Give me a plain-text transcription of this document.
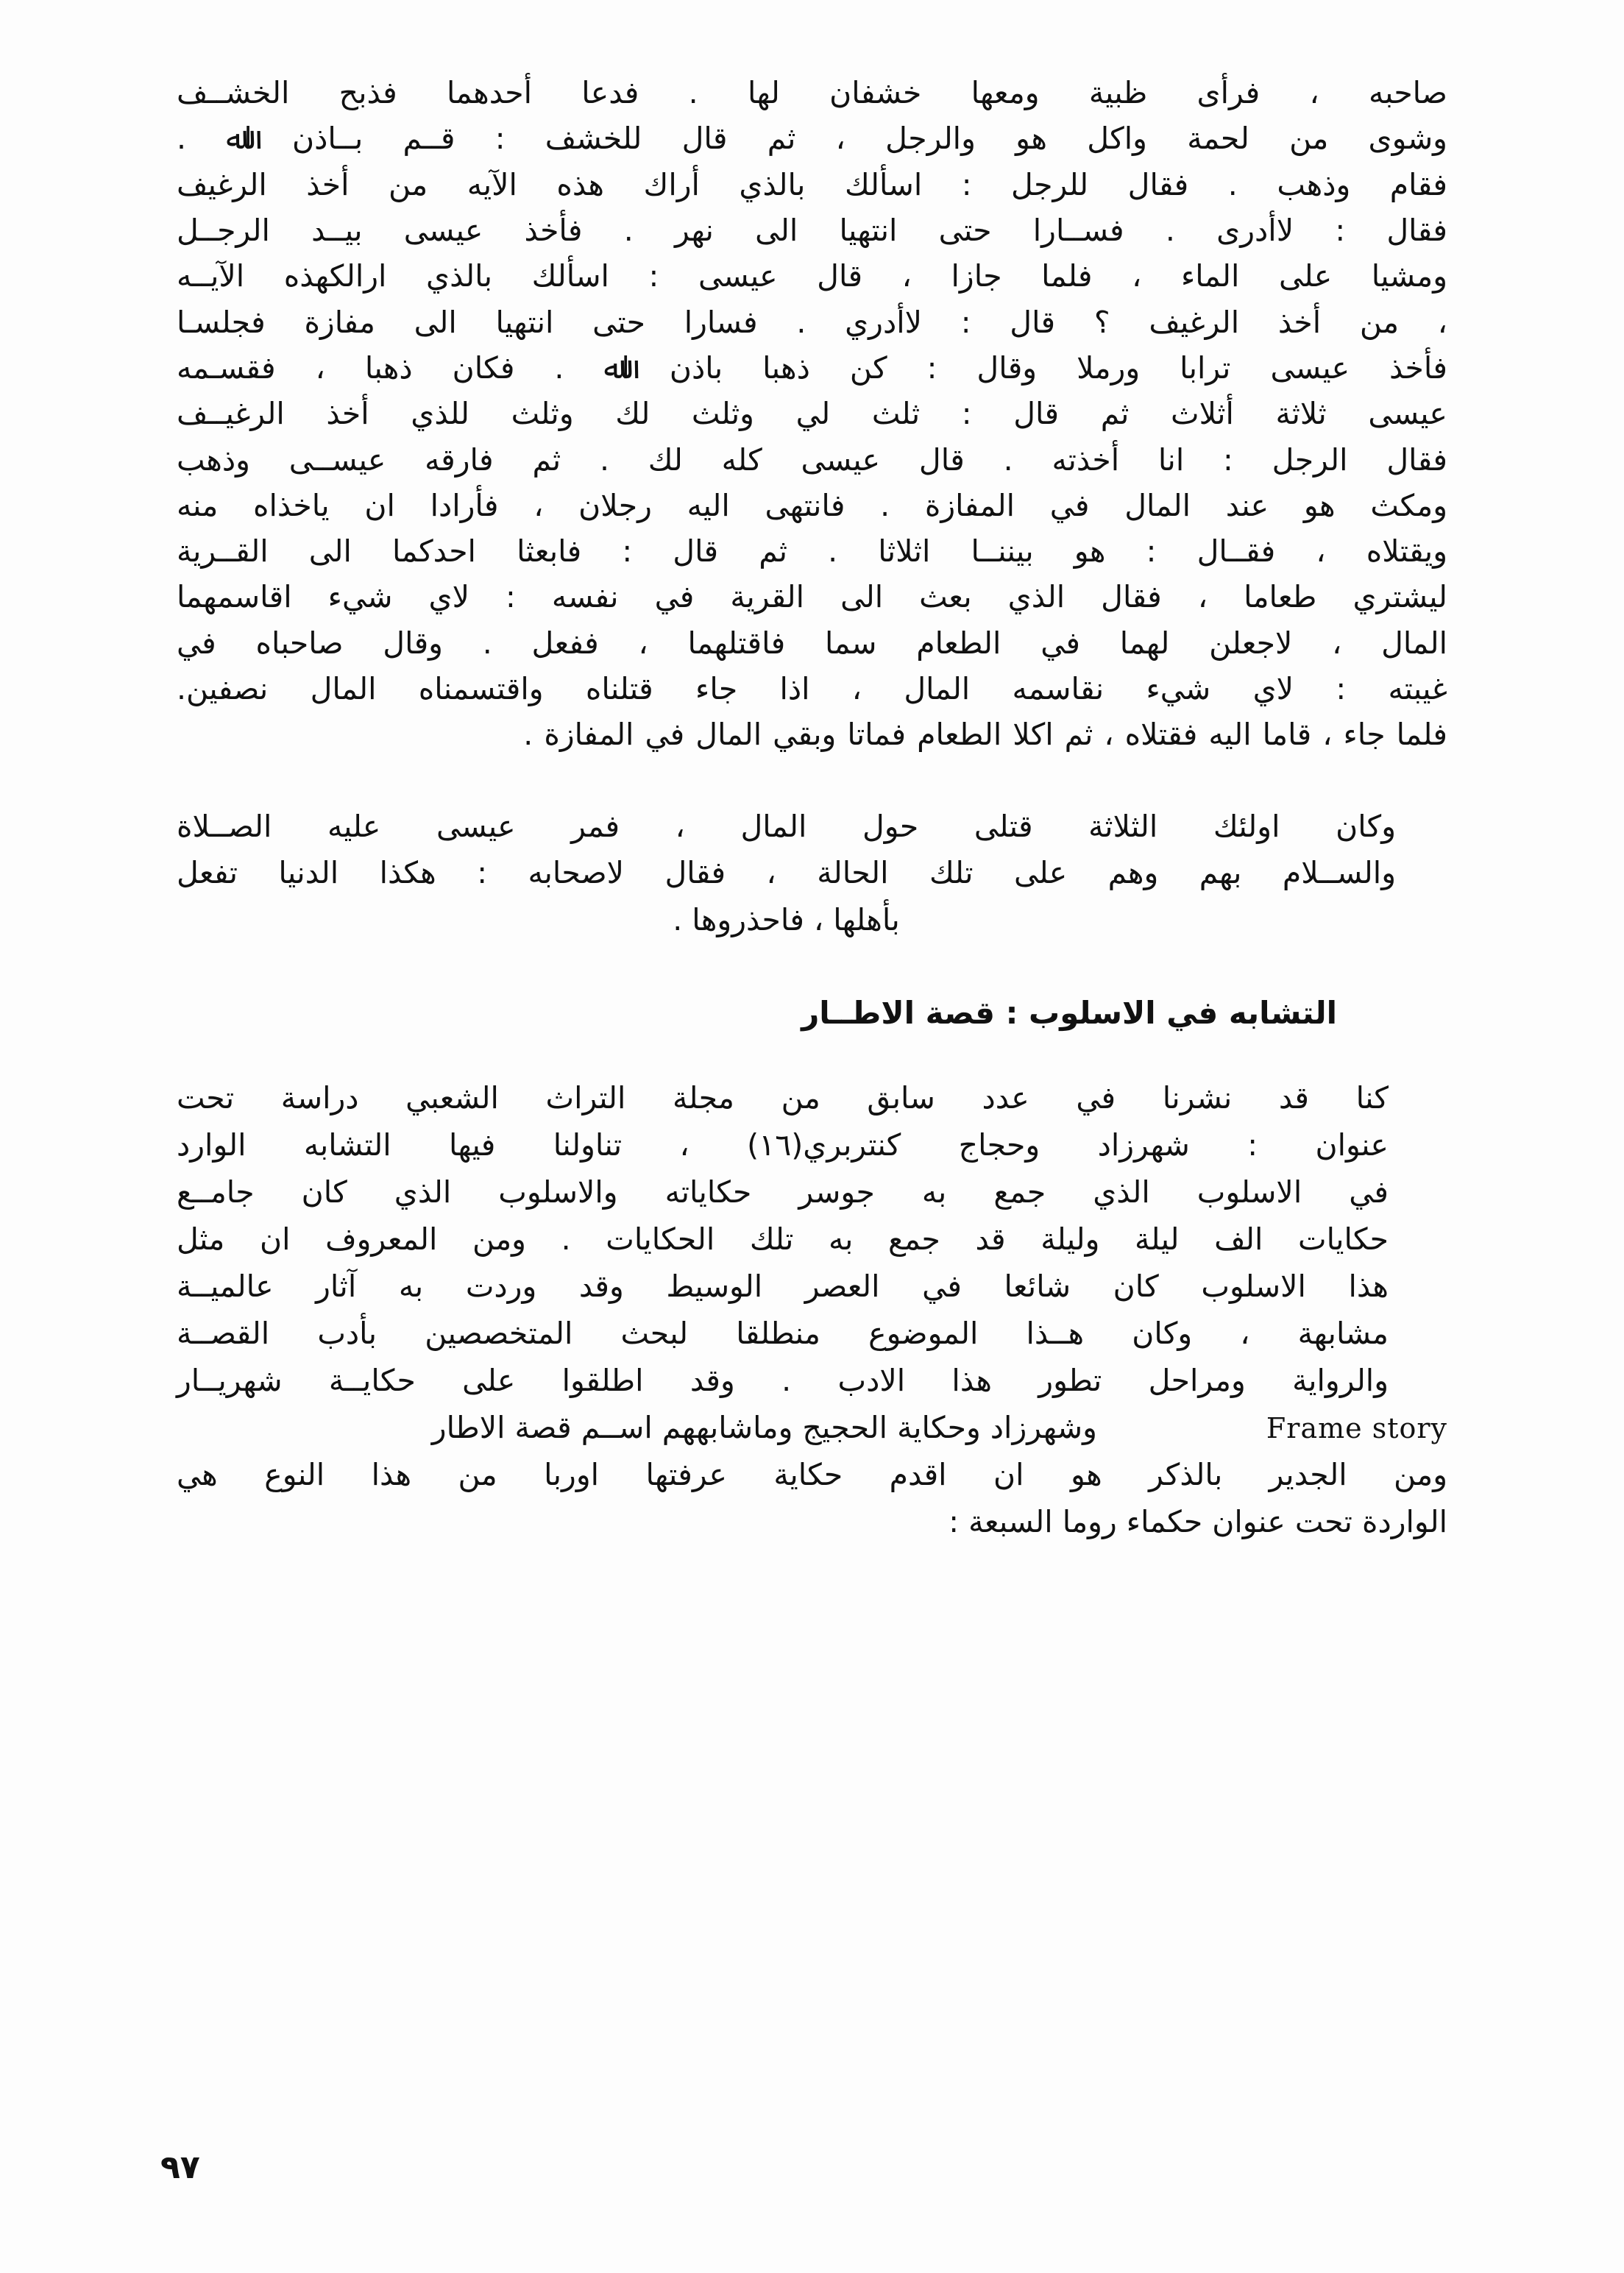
صاحبه ، فرأى ظبية ومعها خشفان لها . فدعا أحدهما فذبح الخشــف
وشوى من لحمة واكل هو والرجل ، ثم قال للخشف : قــم بــاذن اﷲ .
فقام وذهب . فقال للرجل : اسألك بالذي أراك هذه الآيه من أخذ الرغيف
فقال : لاأدرى . فســارا حتى انتهيا الى نهر . فأخذ عيسى بيــد الرجــل
ومشيا على الماء ، فلما جازا ، قال عيسى : اسألك بالذي ارالكهذه الآيــه
، من أخذ الرغيف ؟ قال : لاأدري . فسارا حتى انتهيا الى مفازة فجلسـا
فأخذ عيسى ترابا ورملا وقال : كن ذهبا باذن اﷲ . فكان ذهبا ، فقسـمه
عيسى ثلاثة أثلاث ثم قال : ثلث لي وثلث لك وثلث للذي أخذ الرغيــف
فقال الرجل : انا أخذته . قال عيسى كله لك . ثم فارقه عيســى وذهب
ومكث هو عند المال في المفازة . فانتهى اليه رجلان ، فأرادا ان ياخذاه منه
ويقتلاه ، فقــال : هو بيننــا اثلاثا . ثم قال : فابعثا احدكما الى القــرية
ليشتري طعاما ، فقال الذي بعث الى القرية في نفسه : لاي شيء اقاسمهما
المال ، لاجعلن لهما في الطعام سما فاقتلهما ، ففعل . وقال صاحباه في
غيبته : لاي شيء نقاسمه المال ، اذا جاء قتلناه واقتسمناه المال نصفين.
فلما جاء ، قاما اليه فقتلاه ، ثم اكلا الطعام فماتا وبقي المال في المفازة .

وكان اولئك الثلاثة قتلى حول المال ، فمر عيسى عليه الصــلاة
والســلام بهم وهم على تلك الحالة ، فقال لاصحابه : هكذا الدنيا تفعل
بأهلها ، فاحذروها .

التشابه في الاسلوب : قصة الاطــار

كنا قد نشرنا في عدد سابق من مجلة التراث الشعبي دراسة تحت
عنوان : شهرزاد وحجاج كنتربري(١٦) ، تناولنا فيها التشابه الوارد
في الاسلوب الذي جمع به جوسر حكاياته والاسلوب الذي كان جامــع
حكايات الف ليلة وليلة قد جمع به تلك الحكايات . ومن المعروف ان مثل
هذا الاسلوب كان شائعا في العصر الوسيط وقد وردت به آثار عالميــة
مشابهة ، وكان هــذا الموضوع منطلقا لبحث المتخصصين بأدب القصــة
والرواية ومراحل تطور هذا الادب . وقد اطلقوا على حكايــة شهريــار
Frame story
وشهرزاد وحكاية الحجيج وماشابههم اســم قصة الاطار

ومن الجدير بالذكر هو ان اقدم حكاية عرفتها اوربا من هذا النوع هي
الواردة تحت عنوان حكماء روما السبعة :

٩٧
